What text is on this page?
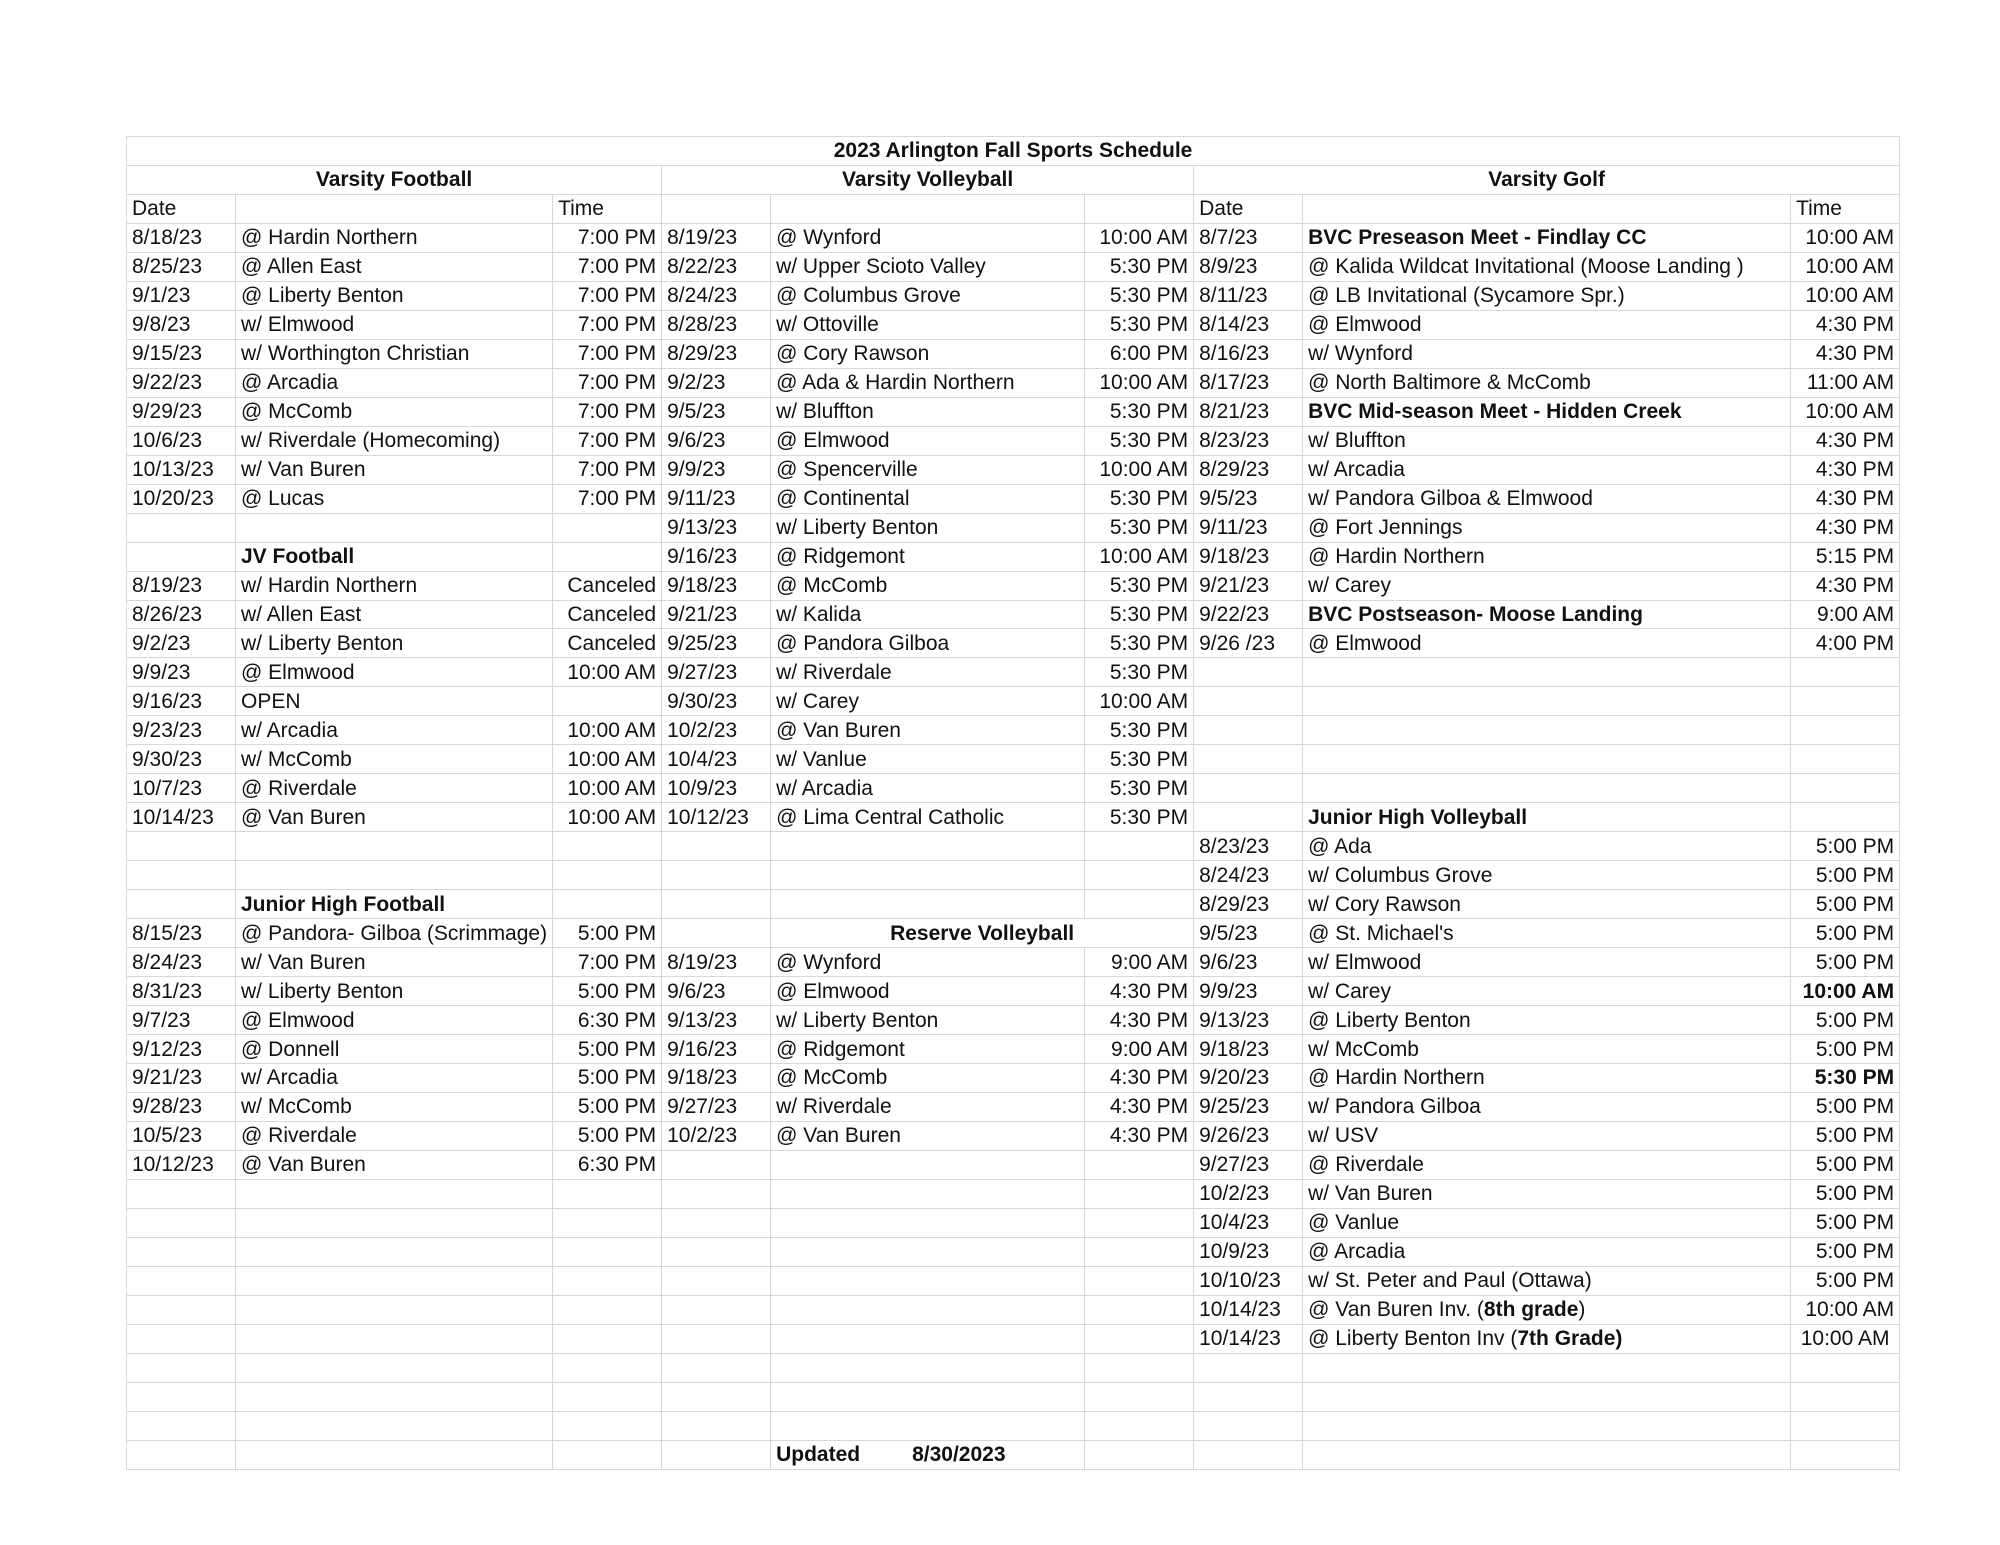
2023 Arlington Fall Sports Schedule								
Varsity Football			Varsity Volleyball			Varsity Golf		
Date		Time				Date		Time
8/18/23	@ Hardin Northern	7:00 PM	8/19/23	@ Wynford	10:00 AM	8/7/23	BVC Preseason Meet - Findlay CC	10:00 AM
8/25/23	@ Allen East	7:00 PM	8/22/23	w/ Upper Scioto Valley	5:30 PM	8/9/23	@ Kalida Wildcat Invitational (Moose Landing )	10:00 AM
9/1/23	@ Liberty Benton	7:00 PM	8/24/23	@ Columbus Grove	5:30 PM	8/11/23	@ LB Invitational (Sycamore Spr.)	10:00 AM
9/8/23	w/ Elmwood	7:00 PM	8/28/23	w/ Ottoville	5:30 PM	8/14/23	@ Elmwood	4:30 PM
9/15/23	w/ Worthington Christian	7:00 PM	8/29/23	@ Cory Rawson	6:00 PM	8/16/23	w/ Wynford	4:30 PM
9/22/23	@ Arcadia	7:00 PM	9/2/23	@ Ada & Hardin Northern	10:00 AM	8/17/23	@ North Baltimore & McComb	11:00 AM
9/29/23	@ McComb	7:00 PM	9/5/23	w/ Bluffton	5:30 PM	8/21/23	BVC Mid-season Meet - Hidden Creek	10:00 AM
10/6/23	w/ Riverdale (Homecoming)	7:00 PM	9/6/23	@ Elmwood	5:30 PM	8/23/23	w/ Bluffton	4:30 PM
10/13/23	w/ Van Buren	7:00 PM	9/9/23	@ Spencerville	10:00 AM	8/29/23	w/ Arcadia	4:30 PM
10/20/23	@ Lucas	7:00 PM	9/11/23	@ Continental	5:30 PM	9/5/23	w/ Pandora Gilboa & Elmwood	4:30 PM
			9/13/23	w/ Liberty Benton	5:30 PM	9/11/23	@ Fort Jennings	4:30 PM
	JV Football		9/16/23	@ Ridgemont	10:00 AM	9/18/23	@ Hardin Northern	5:15 PM
8/19/23	w/ Hardin Northern	Canceled	9/18/23	@ McComb	5:30 PM	9/21/23	w/ Carey	4:30 PM
8/26/23	w/ Allen East	Canceled	9/21/23	w/ Kalida	5:30 PM	9/22/23	BVC Postseason- Moose Landing	9:00 AM
9/2/23	w/ Liberty Benton	Canceled	9/25/23	@ Pandora Gilboa	5:30 PM	9/26 /23	@ Elmwood	4:00 PM
9/9/23	@ Elmwood	10:00 AM	9/27/23	w/ Riverdale	5:30 PM			
9/16/23	OPEN		9/30/23	w/ Carey	10:00 AM			
9/23/23	w/ Arcadia	10:00 AM	10/2/23	@ Van Buren	5:30 PM			
9/30/23	w/ McComb	10:00 AM	10/4/23	w/ Vanlue	5:30 PM			
10/7/23	@ Riverdale	10:00 AM	10/9/23	w/ Arcadia	5:30 PM			
10/14/23	@ Van Buren	10:00 AM	10/12/23	@ Lima Central Catholic	5:30 PM		Junior High Volleyball	
						8/23/23	@ Ada	5:00 PM
						8/24/23	w/ Columbus Grove	5:00 PM
	Junior High Football					8/29/23	w/ Cory Rawson	5:00 PM
8/15/23	@ Pandora- Gilboa (Scrimmage)	5:00 PM		Reserve Volleyball		9/5/23	@ St. Michael's	5:00 PM
8/24/23	w/ Van Buren	7:00 PM	8/19/23	@ Wynford	9:00 AM	9/6/23	w/ Elmwood	5:00 PM
8/31/23	w/ Liberty Benton	5:00 PM	9/6/23	@ Elmwood	4:30 PM	9/9/23	w/ Carey	10:00 AM
9/7/23	@ Elmwood	6:30 PM	9/13/23	w/ Liberty Benton	4:30 PM	9/13/23	@ Liberty Benton	5:00 PM
9/12/23	@ Donnell	5:00 PM	9/16/23	@ Ridgemont	9:00 AM	9/18/23	w/ McComb	5:00 PM
9/21/23	w/ Arcadia	5:00 PM	9/18/23	@ McComb	4:30 PM	9/20/23	@ Hardin Northern	5:30 PM
9/28/23	w/ McComb	5:00 PM	9/27/23	w/ Riverdale	4:30 PM	9/25/23	w/ Pandora Gilboa	5:00 PM
10/5/23	@ Riverdale	5:00 PM	10/2/23	@ Van Buren	4:30 PM	9/26/23	w/ USV	5:00 PM
10/12/23	@ Van Buren	6:30 PM				9/27/23	@ Riverdale	5:00 PM
						10/2/23	w/ Van Buren	5:00 PM
						10/4/23	@ Vanlue	5:00 PM
						10/9/23	@ Arcadia	5:00 PM
						10/10/23	w/ St. Peter and Paul (Ottawa)	5:00 PM
						10/14/23	@ Van Buren Inv. (8th grade)	10:00 AM
						10/14/23	@ Liberty Benton Inv (7th Grade)	10:00 AM

				Updated 8/30/2023				
